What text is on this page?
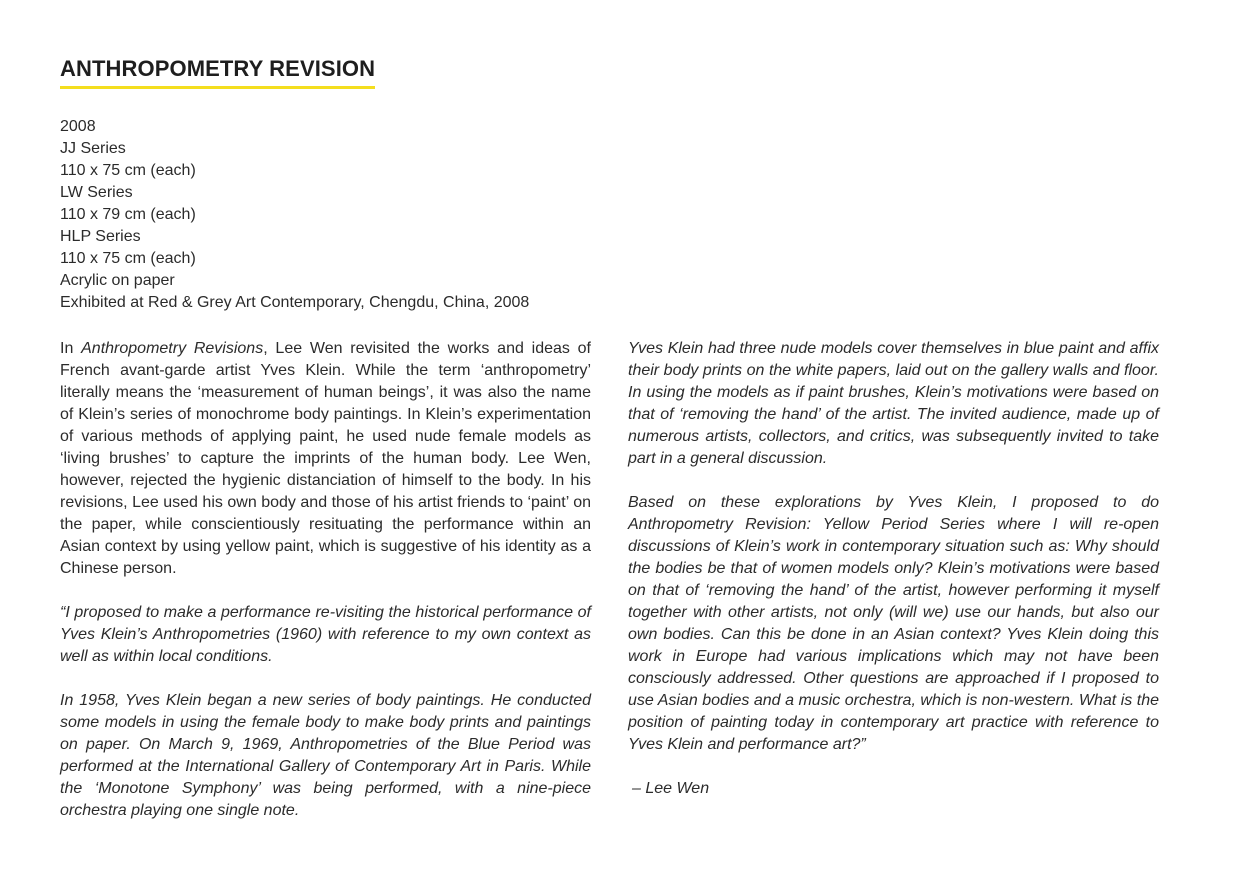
ANTHROPOMETRY REVISION
2008
JJ Series
110 x 75 cm (each)
LW Series
110 x 79 cm (each)
HLP Series
110 x 75 cm (each)
Acrylic on paper
Exhibited at Red & Grey Art Contemporary, Chengdu, China, 2008

In Anthropometry Revisions, Lee Wen revisited the works and ideas of French avant-garde artist Yves Klein. While the term ‘anthropometry’ literally means the ‘measurement of human beings’, it was also the name of Klein’s series of monochrome body paintings. In Klein’s experimentation of various methods of applying paint, he used nude female models as ‘living brushes’ to capture the imprints of the human body. Lee Wen, however, rejected the hygienic distanciation of himself to the body. In his revisions, Lee used his own body and those of his artist friends to ‘paint’ on the paper, while conscientiously resituating the performance within an Asian context by using yellow paint, which is suggestive of his identity as a Chinese person.

“I proposed to make a performance re-visiting the historical performance of Yves Klein’s Anthropometries (1960) with reference to my own context as well as within local conditions.

In 1958, Yves Klein began a new series of body paintings. He conducted some models in using the female body to make body prints and paintings on paper. On March 9, 1969, Anthropometries of the Blue Period was performed at the International Gallery of Contemporary Art in Paris. While the ‘Monotone Symphony’ was being performed, with a nine-piece orchestra playing one single note.

Yves Klein had three nude models cover themselves in blue paint and affix their body prints on the white papers, laid out on the gallery walls and floor. In using the models as if paint brushes, Klein’s motivations were based on that of ‘removing the hand’ of the artist. The invited audience, made up of numerous artists, collectors, and critics, was subsequently invited to take part in a general discussion.

Based on these explorations by Yves Klein, I proposed to do Anthropometry Revision: Yellow Period Series where I will re-open discussions of Klein’s work in contemporary situation such as: Why should the bodies be that of women models only? Klein’s motivations were based on that of ‘removing the hand’ of the artist, however performing it myself together with other artists, not only (will we) use our hands, but also our own bodies. Can this be done in an Asian context? Yves Klein doing this work in Europe had various implications which may not have been consciously addressed. Other questions are approached if I proposed to use Asian bodies and a music orchestra, which is non-western. What is the position of painting today in contemporary art practice with reference to Yves Klein and performance art?”

– Lee Wen
